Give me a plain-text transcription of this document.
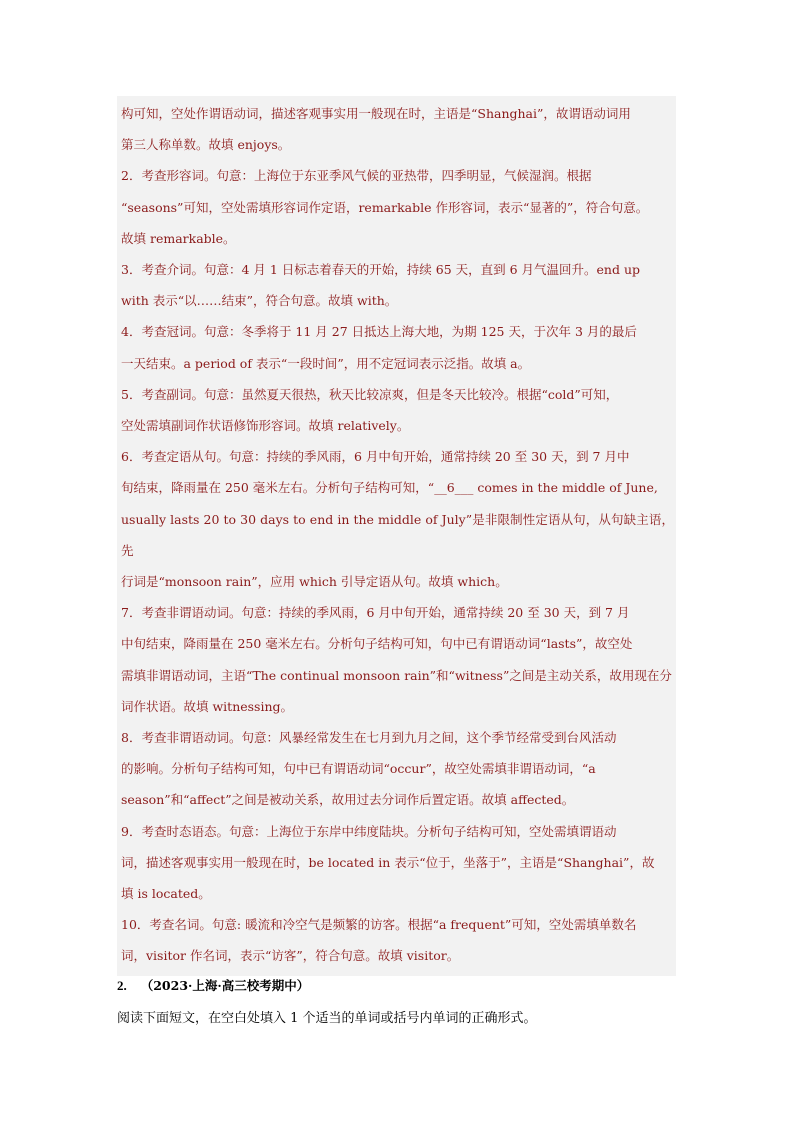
构可知，空处作谓语动词，描述客观事实用一般现在时，主语是“Shanghai”，故谓语动词用
第三人称单数。故填 enjoys。
2．考查形容词。句意：上海位于东亚季风气候的亚热带，四季明显，气候湿润。根据
“seasons”可知，空处需填形容词作定语，remarkable 作形容词，表示“显著的”，符合句意。
故填 remarkable。
3．考查介词。句意：4 月 1 日标志着春天的开始，持续 65 天，直到 6 月气温回升。end up
with 表示“以……结束”，符合句意。故填 with。
4．考查冠词。句意：冬季将于 11 月 27 日抵达上海大地，为期 125 天，于次年 3 月的最后
一天结束。a period of 表示“一段时间”，用不定冠词表示泛指。故填 a。
5．考查副词。句意：虽然夏天很热，秋天比较凉爽，但是冬天比较冷。根据“cold”可知，
空处需填副词作状语修饰形容词。故填 relatively。
6．考查定语从句。句意：持续的季风雨，6 月中旬开始，通常持续 20 至 30 天，到 7 月中
旬结束，降雨量在 250 毫米左右。分析句子结构可知，“__6___ comes in the middle of June,
usually lasts 20 to 30 days to end in the middle of July”是非限制性定语从句，从句缺主语，先
行词是“monsoon rain”，应用 which 引导定语从句。故填 which。
7．考查非谓语动词。句意：持续的季风雨，6 月中旬开始，通常持续 20 至 30 天，到 7 月
中旬结束，降雨量在 250 毫米左右。分析句子结构可知，句中已有谓语动词“lasts”，故空处
需填非谓语动词，主语“The continual monsoon rain”和“witness”之间是主动关系，故用现在分
词作状语。故填 witnessing。
8．考查非谓语动词。句意：风暴经常发生在七月到九月之间，这个季节经常受到台风活动
的影响。分析句子结构可知，句中已有谓语动词“occur”，故空处需填非谓语动词，“a
season”和“affect”之间是被动关系，故用过去分词作后置定语。故填 affected。
9．考查时态语态。句意：上海位于东岸中纬度陆块。分析句子结构可知，空处需填谓语动
词，描述客观事实用一般现在时，be located in 表示“位于，坐落于”，主语是“Shanghai”，故
填 is located。
10．考查名词。句意: 暖流和冷空气是频繁的访客。根据“a frequent”可知，空处需填单数名
词，visitor 作名词，表示“访客”，符合句意。故填 visitor。
2. （2023·上海·高三校考期中）
阅读下面短文，在空白处填入 1 个适当的单词或括号内单词的正确形式。
